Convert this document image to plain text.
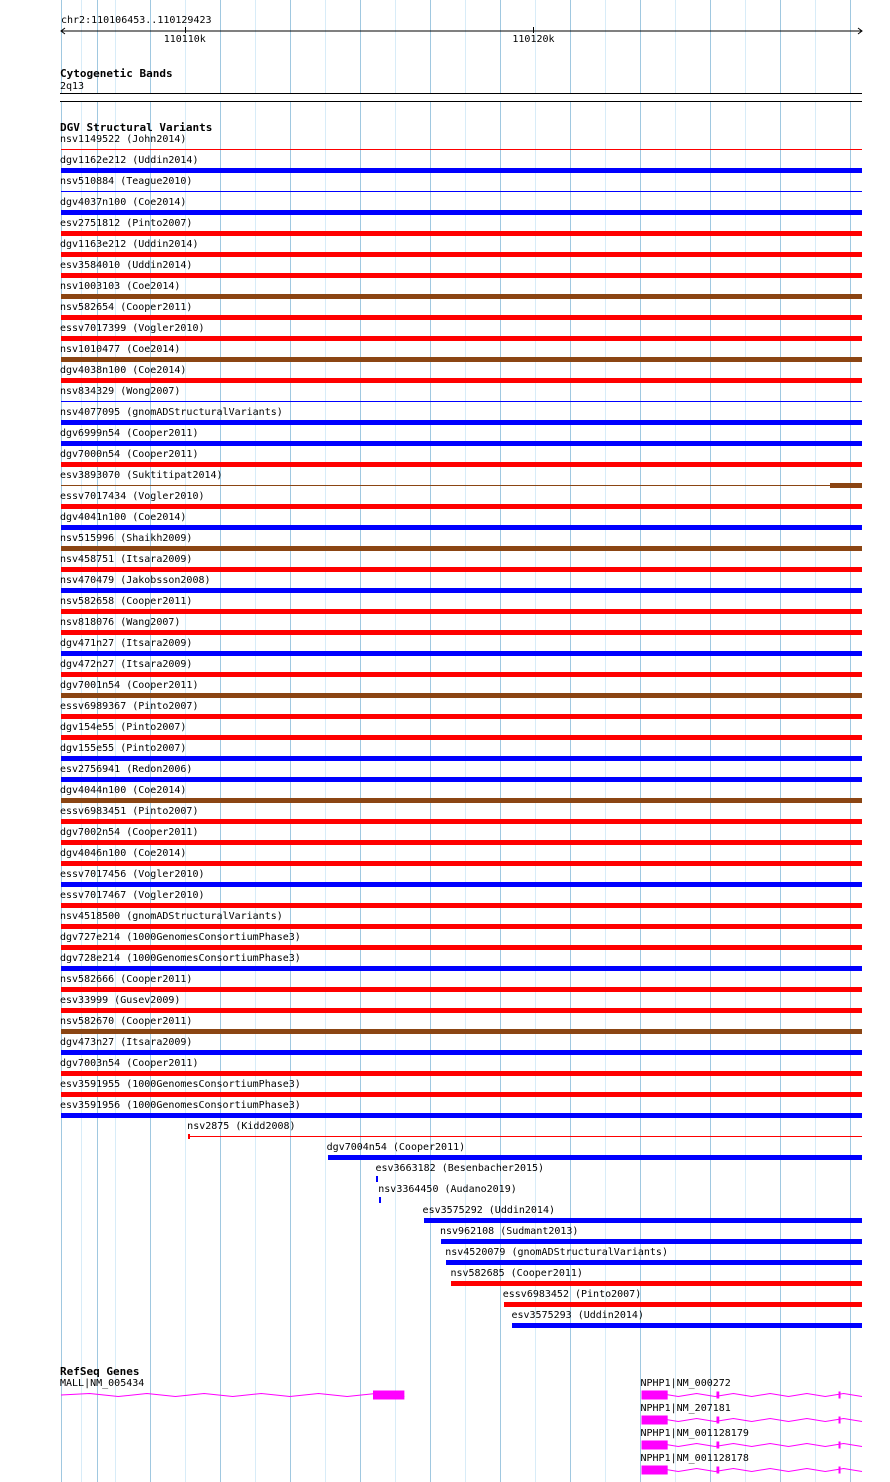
chr2:110106453..110129423
110110k	110120k
Cytogenetic Bands
2q13
DGV Structural Variants
nsv1149522 (John2014)
dgv1162e212 (Uddin2014)
nsv510884 (Teague2010)
dgv4037n100 (Coe2014)
esv2751812 (Pinto2007)
dgv1163e212 (Uddin2014)
esv3584010 (Uddin2014)
nsv1003103 (Coe2014)
nsv582654 (Cooper2011)
essv7017399 (Vogler2010)
nsv1010477 (Coe2014)
dgv4038n100 (Coe2014)
nsv834329 (Wong2007)
nsv4077095 (gnomADStructuralVariants)
dgv6999n54 (Cooper2011)
dgv7000n54 (Cooper2011)
esv3893070 (Suktitipat2014)
essv7017434 (Vogler2010)
dgv4041n100 (Coe2014)
nsv515996 (Shaikh2009)
nsv458751 (Itsara2009)
nsv470479 (Jakobsson2008)
nsv582658 (Cooper2011)
nsv818076 (Wang2007)
dgv471n27 (Itsara2009)
dgv472n27 (Itsara2009)
dgv7001n54 (Cooper2011)
essv6989367 (Pinto2007)
dgv154e55 (Pinto2007)
dgv155e55 (Pinto2007)
esv2756941 (Redon2006)
dgv4044n100 (Coe2014)
essv6983451 (Pinto2007)
dgv7002n54 (Cooper2011)
dgv4046n100 (Coe2014)
essv7017456 (Vogler2010)
essv7017467 (Vogler2010)
nsv4518500 (gnomADStructuralVariants)
dgv727e214 (1000GenomesConsortiumPhase3)
dgv728e214 (1000GenomesConsortiumPhase3)
nsv582666 (Cooper2011)
esv33999 (Gusev2009)
nsv582670 (Cooper2011)
dgv473n27 (Itsara2009)
dgv7003n54 (Cooper2011)
esv3591955 (1000GenomesConsortiumPhase3)
esv3591956 (1000GenomesConsortiumPhase3)
nsv2875 (Kidd2008)
dgv7004n54 (Cooper2011)
esv3663182 (Besenbacher2015)
nsv3364450 (Audano2019)
esv3575292 (Uddin2014)
nsv962108 (Sudmant2013)
nsv4520079 (gnomADStructuralVariants)
nsv582685 (Cooper2011)
essv6983452 (Pinto2007)
esv3575293 (Uddin2014)
RefSeq Genes
MALL|NM_005434	NPHP1|NM_000272
NPHP1|NM_207181
NPHP1|NM_001128179
NPHP1|NM_001128178
